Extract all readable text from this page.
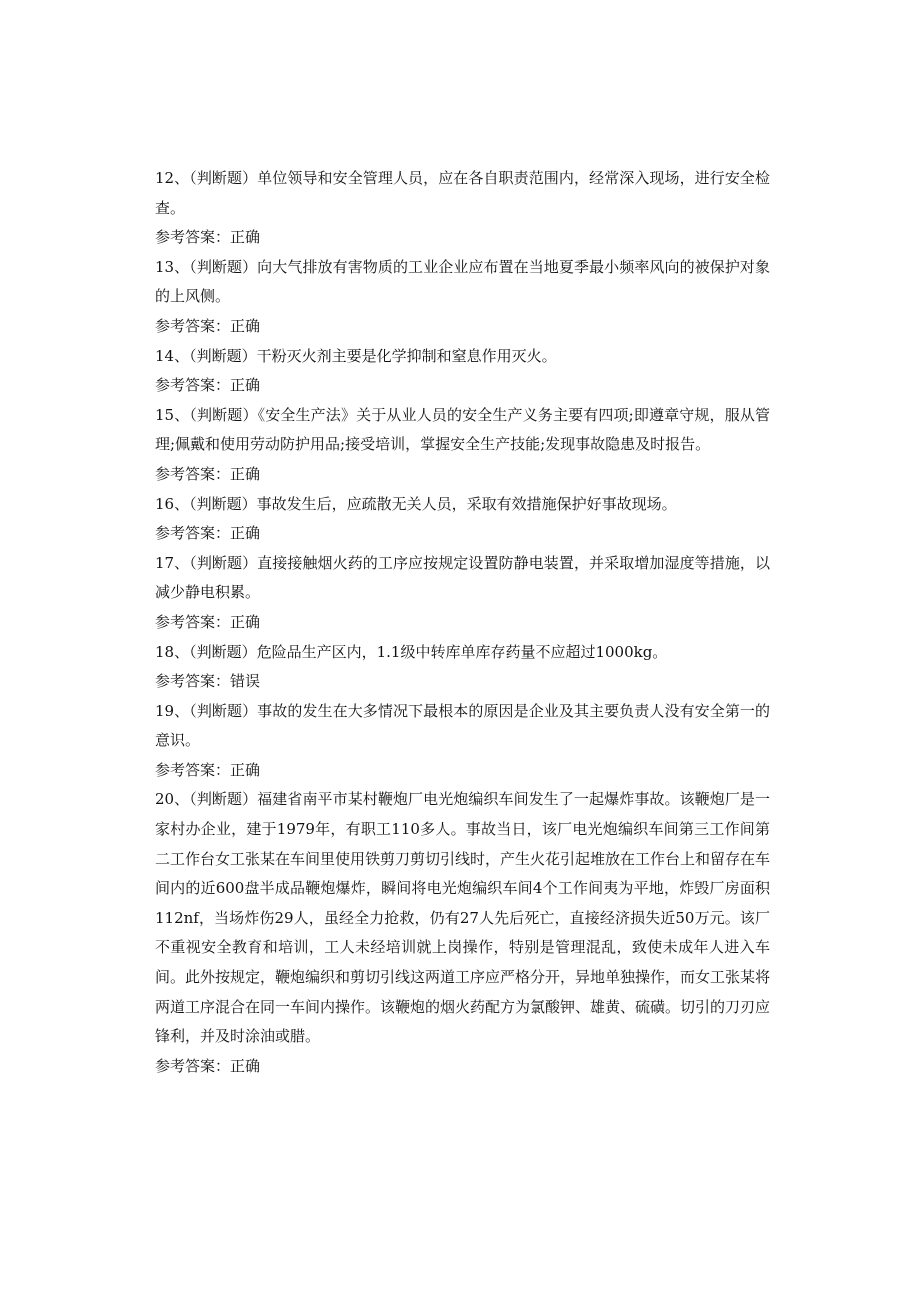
12、（判断题）单位领导和安全管理人员，应在各自职责范围内，经常深入现场，进行安全检查。

参考答案：正确

13、（判断题）向大气排放有害物质的工业企业应布置在当地夏季最小频率风向的被保护对象的上风侧。

参考答案：正确

14、（判断题）干粉灭火剂主要是化学抑制和窒息作用灭火。

参考答案：正确

15、（判断题）《安全生产法》关于从业人员的安全生产义务主要有四项;即遵章守规，服从管理;佩戴和使用劳动防护用品;接受培训，掌握安全生产技能;发现事故隐患及时报告。

参考答案：正确

16、（判断题）事故发生后，应疏散无关人员，采取有效措施保护好事故现场。

参考答案：正确

17、（判断题）直接接触烟火药的工序应按规定设置防静电装置，并采取增加湿度等措施，以减少静电积累。

参考答案：正确

18、（判断题）危险品生产区内，1.1级中转库单库存药量不应超过1000kg。

参考答案：错误

19、（判断题）事故的发生在大多情况下最根本的原因是企业及其主要负责人没有安全第一的意识。

参考答案：正确

20、（判断题）福建省南平市某村鞭炮厂电光炮编织车间发生了一起爆炸事故。该鞭炮厂是一家村办企业，建于1979年，有职工110多人。事故当日，该厂电光炮编织车间第三工作间第二工作台女工张某在车间里使用铁剪刀剪切引线时，产生火花引起堆放在工作台上和留存在车间内的近600盘半成品鞭炮爆炸，瞬间将电光炮编织车间4个工作间夷为平地，炸毁厂房面积112nf，当场炸伤29人，虽经全力抢救，仍有27人先后死亡，直接经济损失近50万元。该厂不重视安全教育和培训，工人未经培训就上岗操作，特别是管理混乱，致使未成年人进入车间。此外按规定，鞭炮编织和剪切引线这两道工序应严格分开，异地单独操作，而女工张某将两道工序混合在同一车间内操作。该鞭炮的烟火药配方为氯酸钾、雄黄、硫磺。切引的刀刃应锋利，并及时涂油或腊。

参考答案：正确
